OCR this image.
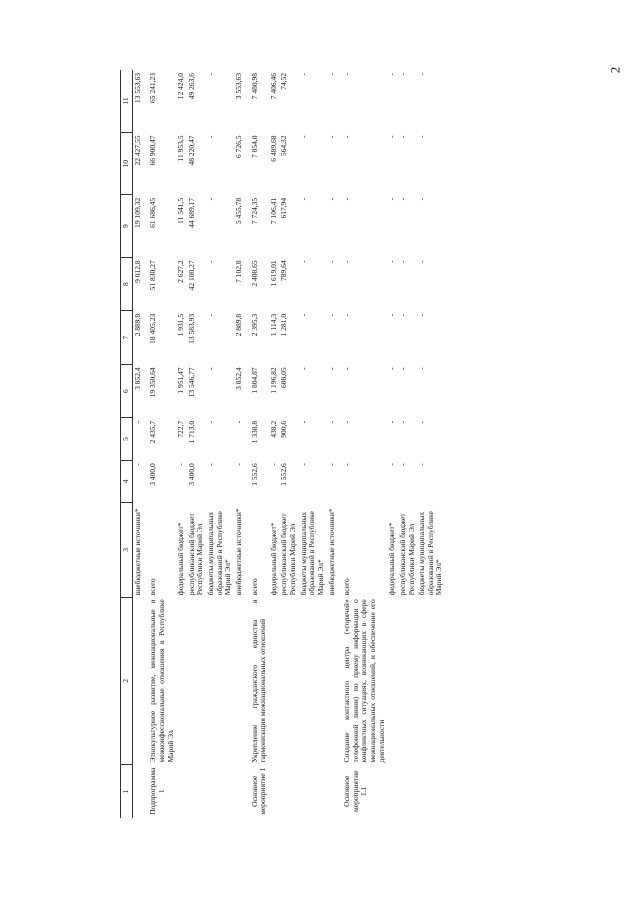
2
1	2	3	4	5	6	7	8	9	10	11
		внебюджетные источники*	-	-	3 852,4	2 889,8	9 012,8	19 109,32	22 427,55	13 553,63
Подпрограмма 1	Этнокультурное развитие, межнациональные и межконфессиональные отношения в Республике Марий Эл	всего	3 400,0	2 435,7	19 350,64	18 405,23	51 830,27	61 686,45	66 900,47	65 241,23
		федеральный бюджет*	-	722,7	1 951,47	1 931,5	2 627,2	11 541,5	11 953,5	12 424,0
		республиканский бюджет Республики Марий Эл	3 400,0	1 713,0	13 546,77	13 583,93	42 100,27	44 689,17	48 220,47	49 263,6
		бюджеты муниципальных образований в Республике Марий Эл*	-	-	-	-	-	-	-	-
		внебюджетные источники*	-	-	3 852,4	2 889,8	7 102,8	5 455,78	6 726,5	3 553,63
Основное мероприятие 1	Укрепление гражданского единства и гармонизация межнациональных отношений	всего	1 552,6	1 338,8	1 804,87	2 395,3	2 408,65	7 724,35	7 054,0	7 480,98
		федеральный бюджет*	-	438,2	1 196,82	1 114,3	1 619,01	7 106,41	6 489,68	7 406,46
		республиканский бюджет Республики Марий Эл	1 552,6	900,6	608,05	1 281,0	789,64	617,94	564,32	74,52
		бюджеты муниципальных образований в Республике Марий Эл*	-	-	-	-	-	-	-	-
		внебюджетные источники*	-	-	-	-	-	-	-	-
Основное мероприятие 1.1	Создание контактного центра («горячей» телефонной линии) по приему информации о конфликтных ситуациях, возникающих в сфере межнациональных отношений, и обеспечение его деятельности	всего	-	-	-	-	-	-	-	-
		федеральный бюджет*	-	-	-	-	-	-	-	-
		республиканский бюджет Республики Марий Эл	-	-	-	-	-	-	-	-
		бюджеты муниципальных образований в Республике Марий Эл*	-	-	-	-	-	-	-	-
